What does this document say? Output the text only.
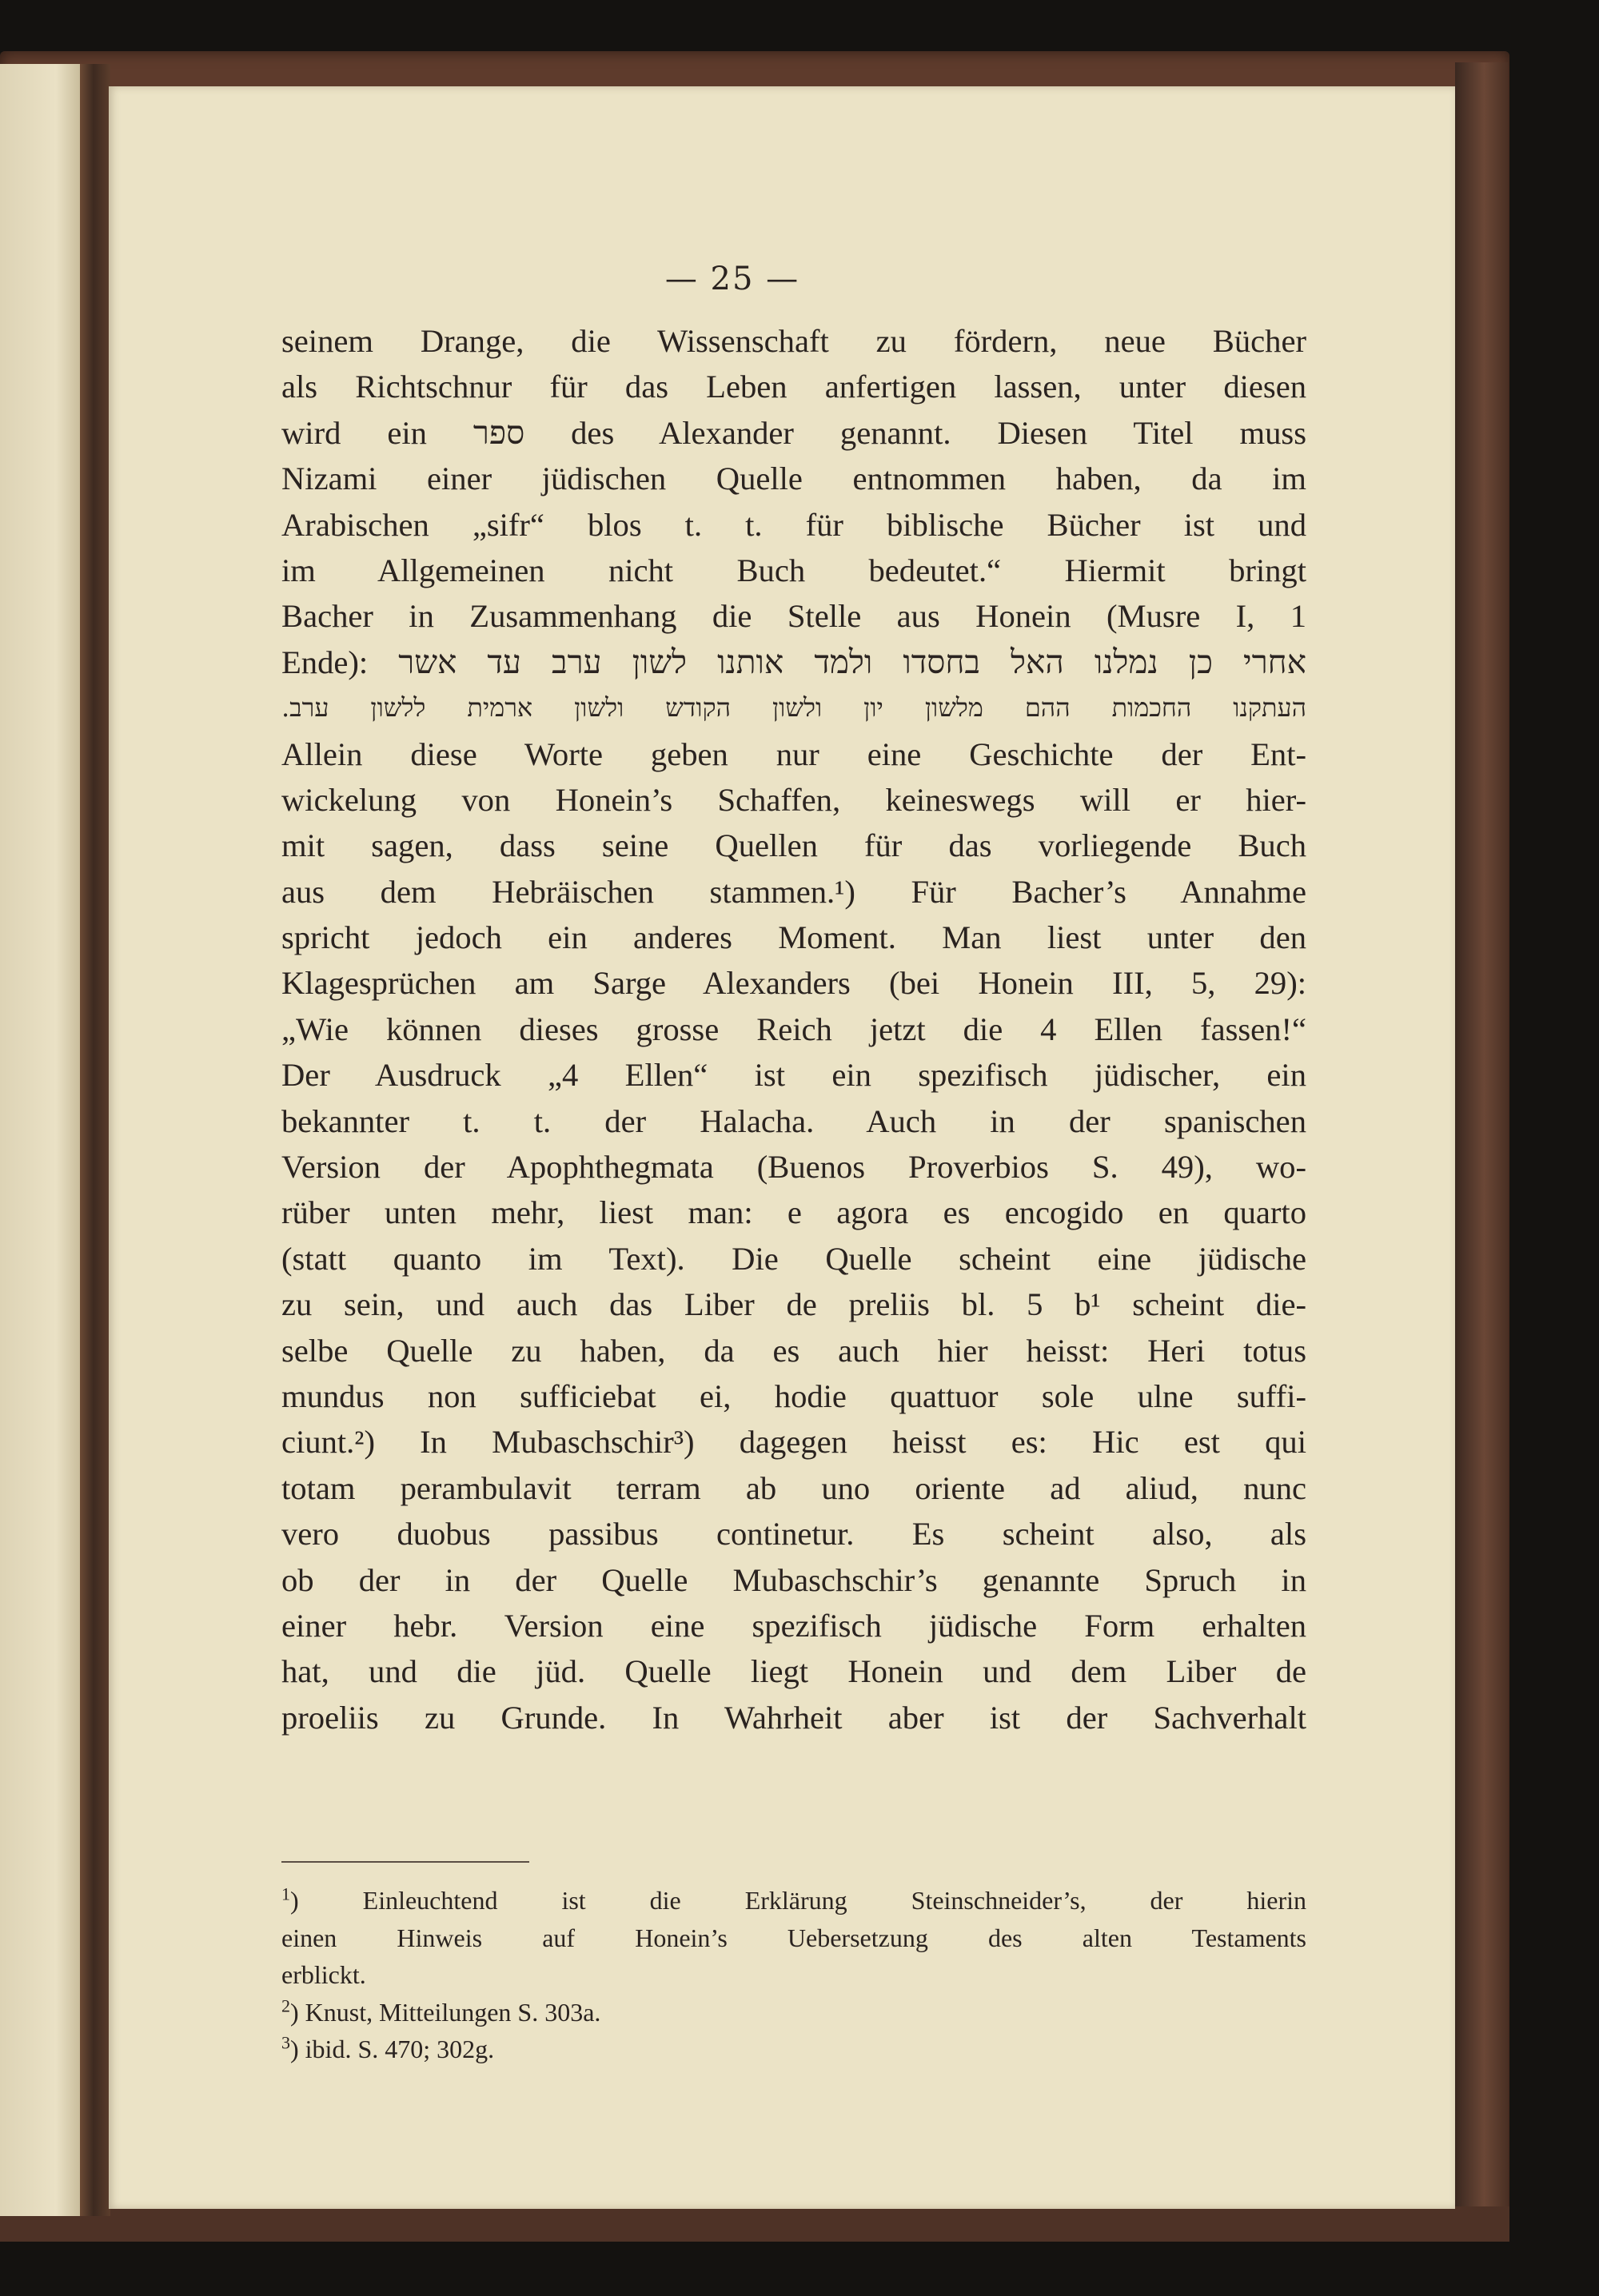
— 25 —
seinem Drange, die Wissenschaft zu fördern, neue Bücher
als Richtschnur für das Leben anfertigen lassen, unter diesen
wird ein ספר des Alexander genannt. Diesen Titel muss
Nizami einer jüdischen Quelle entnommen haben, da im
Arabischen „sifr“ blos t. t. für biblische Bücher ist und
im Allgemeinen nicht Buch bedeutet.“ Hiermit bringt
Bacher in Zusammenhang die Stelle aus Honein (Musre I, 1
Ende): אחרי כן נמלנו האל בחסדו ולמד אותנו לשון ערב עד אשר
העתקנו החכמות ההם מלשון יון ולשון הקודש ולשון ארמית ללשון ערב.
Allein diese Worte geben nur eine Geschichte der Ent-
wickelung von Honein’s Schaffen, keineswegs will er hier-
mit sagen, dass seine Quellen für das vorliegende Buch
aus dem Hebräischen stammen.¹) Für Bacher’s Annahme
spricht jedoch ein anderes Moment. Man liest unter den
Klagesprüchen am Sarge Alexanders (bei Honein III, 5, 29):
„Wie können dieses grosse Reich jetzt die 4 Ellen fassen!“
Der Ausdruck „4 Ellen“ ist ein spezifisch jüdischer, ein
bekannter t. t. der Halacha. Auch in der spanischen
Version der Apophthegmata (Buenos Proverbios S. 49), wo-
rüber unten mehr, liest man: e agora es encogido en quarto
(statt quanto im Text). Die Quelle scheint eine jüdische
zu sein, und auch das Liber de preliis bl. 5 b¹ scheint die-
selbe Quelle zu haben, da es auch hier heisst: Heri totus
mundus non sufficiebat ei, hodie quattuor sole ulne suffi-
ciunt.²) In Mubaschschir³) dagegen heisst es: Hic est qui
totam perambulavit terram ab uno oriente ad aliud, nunc
vero duobus passibus continetur. Es scheint also, als
ob der in der Quelle Mubaschschir’s genannte Spruch in
einer hebr. Version eine spezifisch jüdische Form erhalten
hat, und die jüd. Quelle liegt Honein und dem Liber de
proeliis zu Grunde. In Wahrheit aber ist der Sachverhalt
$^1$) Einleuchtend ist die Erklärung Steinschneider’s, der hierin
einen Hinweis auf Honein’s Uebersetzung des alten Testaments
erblickt.
$^2$) Knust, Mitteilungen S. 303a.
$^3$) ibid. S. 470; 302g.
